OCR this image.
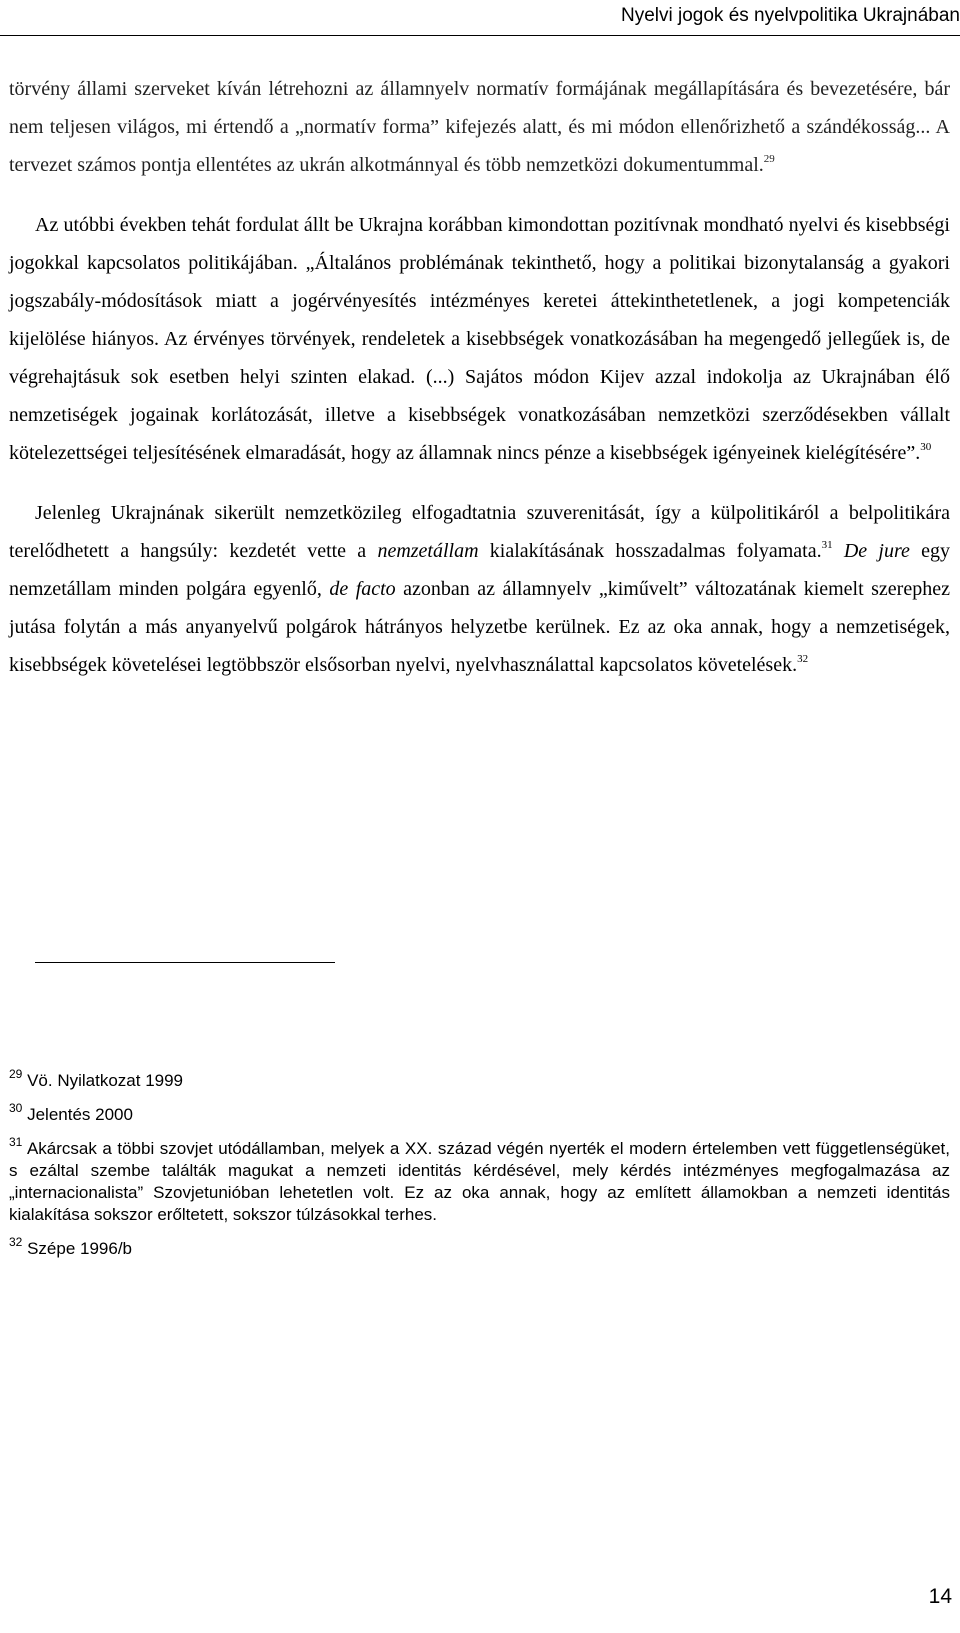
Nyelvi jogok és nyelvpolitika Ukrajnában

törvény állami szerveket kíván létrehozni az államnyelv normatív formájának megállapítására és bevezetésére, bár nem teljesen világos, mi értendő a „normatív forma” kifejezés alatt, és mi módon ellenőrizhető a szándékosság... A tervezet számos pontja ellentétes az ukrán alkotmánnyal és több nemzetközi dokumentummal.$^{29}$

Az utóbbi években tehát fordulat állt be Ukrajna korábban kimondottan pozitívnak mondható nyelvi és kisebbségi jogokkal kapcsolatos politikájában. „Általános problémának tekinthető, hogy a politikai bizonytalanság a gyakori jogszabály-módosítások miatt a jogérvényesítés intézményes keretei áttekinthetetlenek, a jogi kompetenciák kijelölése hiányos. Az érvényes törvények, rendeletek a kisebbségek vonatkozásában ha megengedő jellegűek is, de végrehajtásuk sok esetben helyi szinten elakad. (...) Sajátos módon Kijev azzal indokolja az Ukrajnában élő nemzetiségek jogainak korlátozását, illetve a kisebbségek vonatkozásában nemzetközi szerződésekben vállalt kötelezettségei teljesítésének elmaradását, hogy az államnak nincs pénze a kisebbségek igényeinek kielégítésére”.$^{30}$

Jelenleg Ukrajnának sikerült nemzetközileg elfogadtatnia szuverenitását, így a külpolitikáról a belpolitikára terelődhetett a hangsúly: kezdetét vette a nemzetállam kialakításának hosszadalmas folyamata.$^{31}$ De jure egy nemzetállam minden polgára egyenlő, de facto azonban az államnyelv „kiművelt” változatának kiemelt szerephez jutása folytán a más anyanyelvű polgárok hátrányos helyzetbe kerülnek. Ez az oka annak, hogy a nemzetiségek, kisebbségek követelései legtöbbször elsősorban nyelvi, nyelvhasználattal kapcsolatos követelések.$^{32}$

$^{29}$ Vö. Nyilatkozat 1999

$^{30}$ Jelentés 2000

$^{31}$ Akárcsak a többi szovjet utódállamban, melyek a XX. század végén nyerték el modern értelemben vett függetlenségüket, s ezáltal szembe találták magukat a nemzeti identitás kérdésével, mely kérdés intézményes megfogalmazása az „internacionalista” Szovjetunióban lehetetlen volt. Ez az oka annak, hogy az említett államokban a nemzeti identitás kialakítása sokszor erőltetett, sokszor túlzásokkal terhes.

$^{32}$ Szépe 1996/b

14
